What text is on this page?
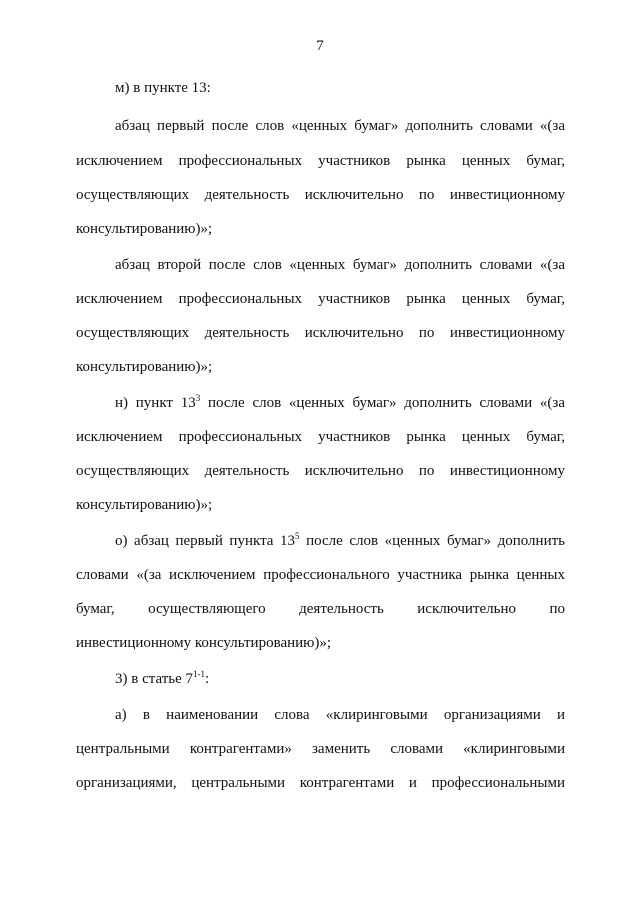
7
м) в пункте 13:
абзац первый после слов «ценных бумаг» дополнить словами «(за
исключением профессиональных участников рынка ценных бумаг,
осуществляющих деятельность исключительно по инвестиционному
консультированию)»;
абзац второй после слов «ценных бумаг» дополнить словами «(за
исключением профессиональных участников рынка ценных бумаг,
осуществляющих деятельность исключительно по инвестиционному
консультированию)»;
н) пункт $13^3$ после слов «ценных бумаг» дополнить словами «(за
исключением профессиональных участников рынка ценных бумаг,
осуществляющих деятельность исключительно по инвестиционному
консультированию)»;
о) абзац первый пункта $13^5$ после слов «ценных бумаг» дополнить
словами «(за исключением профессионального участника рынка ценных
бумаг, осуществляющего деятельность исключительно по
инвестиционному консультированию)»;
3) в статье 7$^{1-1}$:
а) в наименовании слова «клиринговыми организациями и
центральными контрагентами» заменить словами «клиринговыми
организациями, центральными контрагентами и профессиональными
